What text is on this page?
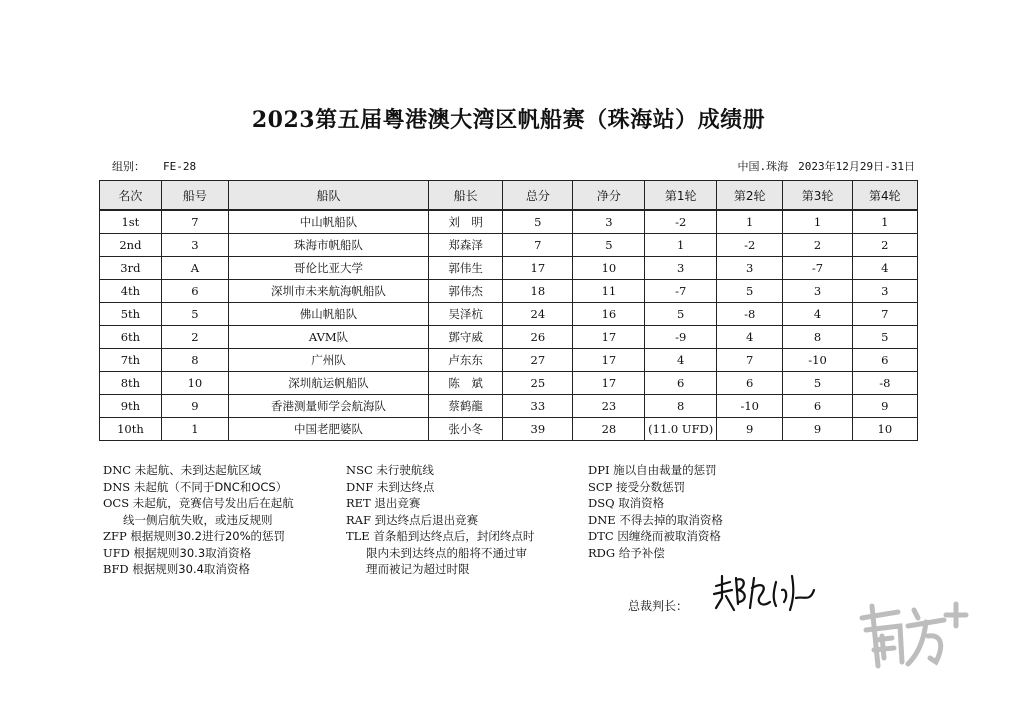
2023第五届粤港澳大湾区帆船赛（珠海站）成绩册
组别： FE-28	中国.珠海 2023年12月29日-31日
名次	船号	船队	船长	总分	净分	第1轮	第2轮	第3轮	第4轮
1st	7	中山帆船队	刘　明	5	3	-2	1	1	1
2nd	3	珠海市帆船队	郑森泽	7	5	1	-2	2	2
3rd	A	哥伦比亚大学	郭伟生	17	10	3	3	-7	4
4th	6	深圳市未来航海帆船队	郭伟杰	18	11	-7	5	3	3
5th	5	佛山帆船队	吴泽杭	24	16	5	-8	4	7
6th	2	AVM队	鄧守威	26	17	-9	4	8	5
7th	8	广州队	卢东东	27	17	4	7	-10	6
8th	10	深圳航运帆船队	陈　斌	25	17	6	6	5	-8
9th	9	香港测量师学会航海队	蔡鹤龍	33	23	8	-10	6	9
10th	1	中国老肥婆队	张小冬	39	28	(11.0 UFD)	9	9	10
DNC 未起航、未到达起航区域
DNS 未起航（不同于DNC和OCS）
OCS 未起航，竞赛信号发出后在起航
线一侧启航失败，或违反规则
ZFP 根据规则30.2进行20%的惩罚
UFD 根据规则30.3取消资格
BFD 根据规则30.4取消资格
NSC 未行驶航线
DNF 未到达终点
RET 退出竞赛
RAF 到达终点后退出竞赛
TLE 首条船到达终点后，封闭终点时
限内未到达终点的船将不通过审
理而被记为超过时限
DPI 施以自由裁量的惩罚
SCP 接受分数惩罚
DSQ 取消资格
DNE 不得去掉的取消资格
DTC 因缠绕而被取消资格
RDG 给予补偿
总裁判长：
